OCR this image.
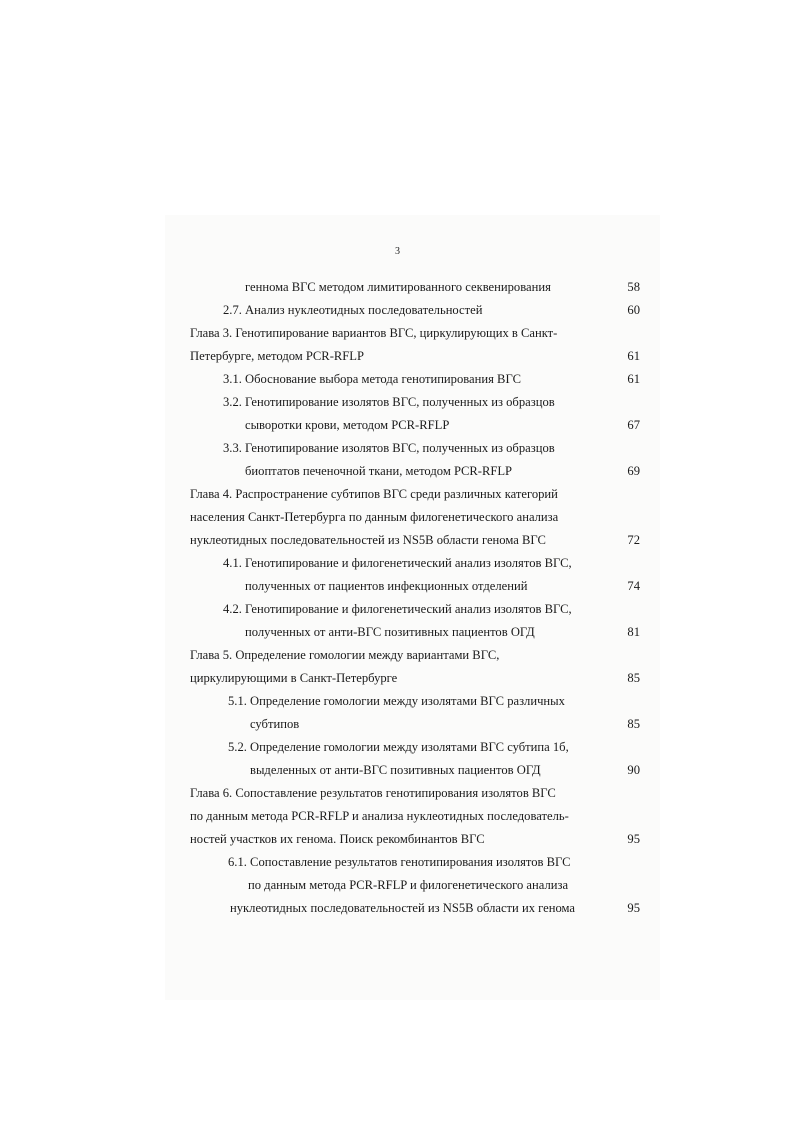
3
геннома ВГС методом лимитированного секвенирования	58
2.7. Анализ нуклеотидных последовательностей	60
Глава 3. Генотипирование вариантов ВГС, циркулирующих в Санкт-
Петербурге, методом PCR-RFLP	61
3.1. Обоснование выбора метода генотипирования ВГС	61
3.2. Генотипирование изолятов ВГС, полученных из образцов
сыворотки крови, методом PCR-RFLP	67
3.3. Генотипирование изолятов ВГС, полученных из образцов
биоптатов печеночной ткани, методом PCR-RFLP	69
Глава 4. Распространение субтипов ВГС среди различных категорий
населения Санкт-Петербурга по данным филогенетического анализа
нуклеотидных последовательностей из NS5B области генома ВГС	72
4.1. Генотипирование и филогенетический анализ изолятов ВГС,
полученных от пациентов инфекционных отделений	74
4.2. Генотипирование и филогенетический анализ изолятов ВГС,
полученных от анти-ВГС позитивных пациентов ОГД	81
Глава 5. Определение гомологии между вариантами ВГС,
циркулирующими в Санкт-Петербурге	85
5.1. Определение гомологии между изолятами ВГС различных
субтипов	85
5.2. Определение гомологии между изолятами ВГС субтипа 1б,
выделенных от анти-ВГС позитивных пациентов ОГД	90
Глава 6. Сопоставление результатов генотипирования изолятов ВГС
по данным метода PCR-RFLP и анализа нуклеотидных последователь-
ностей участков их генома. Поиск рекомбинантов ВГС	95
6.1. Сопоставление результатов генотипирования изолятов ВГС
по данным метода PCR-RFLP и филогенетического анализа
нуклеотидных последовательностей из NS5B области их генома	95
